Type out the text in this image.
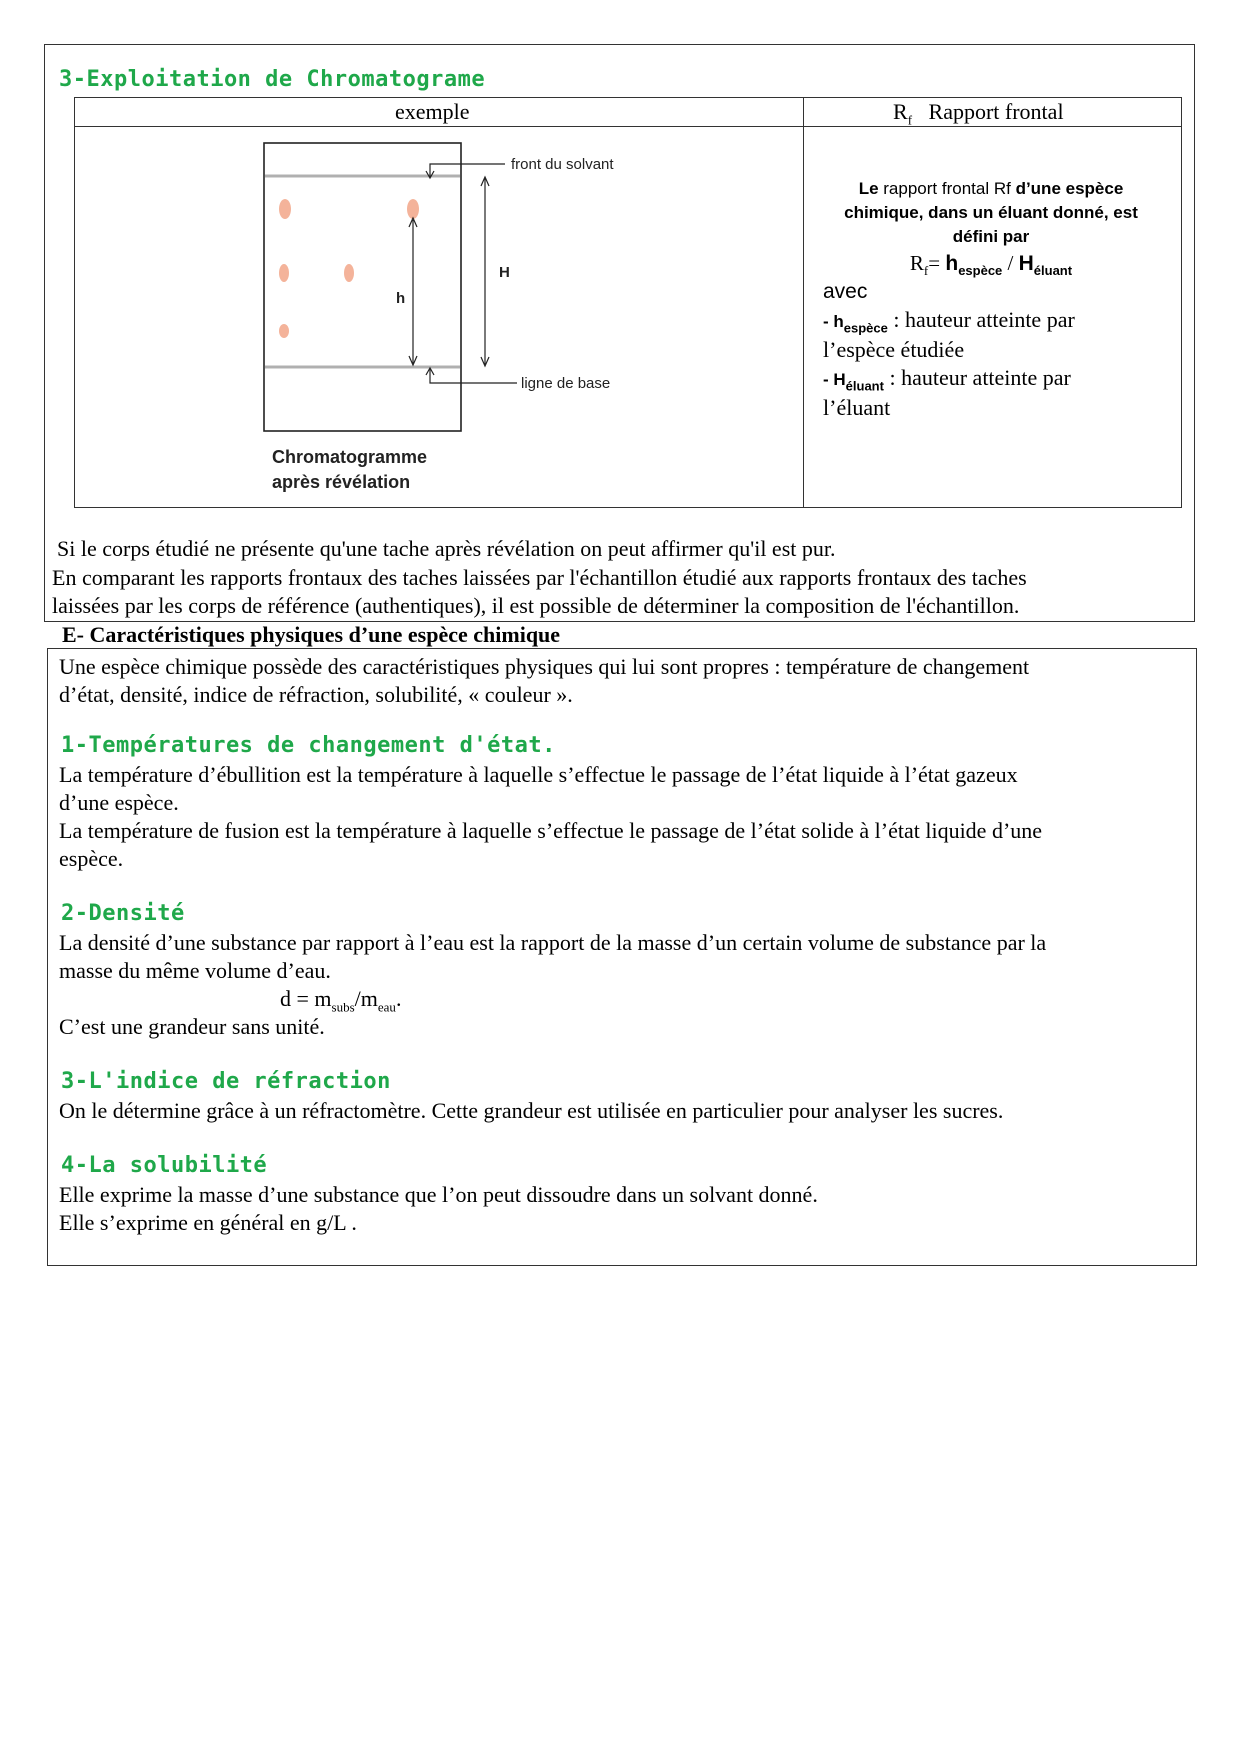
3-Exploitation de Chromatograme
exemple	$R_f$ Rapport frontal
front du solvant
ligne de base
H
h
Chromatogramme
après révélation
Le rapport frontal Rf d’une espèce chimique, dans un éluant donné, est défini par
$R_f= h_{espèce} / H_{éluant}$
avec
- $h_{espèce}$ : hauteur atteinte par l’espèce étudiée
- $H_{éluant}$ : hauteur atteinte par l’éluant
Si le corps étudié ne présente qu'une tache après révélation on peut affirmer qu'il est pur.
En comparant les rapports frontaux des taches laissées par l'échantillon étudié aux rapports frontaux des taches
laissées par les corps de référence (authentiques), il est possible de déterminer la composition de l'échantillon.
E- Caractéristiques physiques d’une espèce chimique
Une espèce chimique possède des caractéristiques physiques qui lui sont propres : température de changement
d’état, densité, indice de réfraction, solubilité, « couleur ».
1-Températures de changement d'état.
La température d’ébullition est la température à laquelle s’effectue le passage de l’état liquide à l’état gazeux
d’une espèce.
La température de fusion est la température à laquelle s’effectue le passage de l’état solide à l’état liquide d’une
espèce.
2-Densité
La densité d’une substance par rapport à l’eau est la rapport de la masse d’un certain volume de substance par la
masse du même volume d’eau.
$d = m_{subs}/m_{eau}$.
C’est une grandeur sans unité.
3-L'indice de réfraction
On le détermine grâce à un réfractomètre. Cette grandeur est utilisée en particulier pour analyser les sucres.
4-La solubilité
Elle exprime la masse d’une substance que l’on peut dissoudre dans un solvant donné.
Elle s’exprime en général en g/L .
